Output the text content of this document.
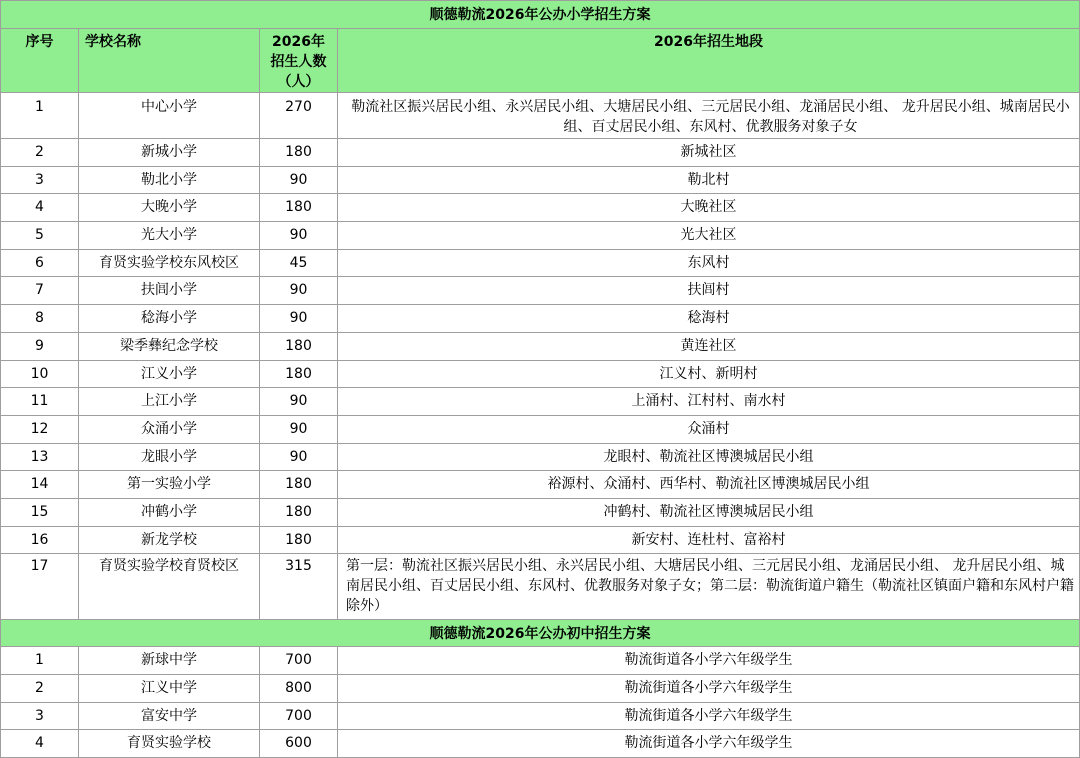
顺德勒流2026年公办小学招生方案			
序号	学校名称	2026年招生人数（人）	2026年招生地段
1	中心小学	270	勒流社区振兴居民小组、永兴居民小组、大塘居民小组、三元居民小组、龙涌居民小组、 龙升居民小组、城南居民小组、百丈居民小组、东风村、优教服务对象子女
2	新城小学	180	新城社区
3	勒北小学	90	勒北村
4	大晚小学	180	大晚社区
5	光大小学	90	光大社区
6	育贤实验学校东风校区	45	东风村
7	扶闾小学	90	扶闾村
8	稔海小学	90	稔海村
9	梁季彝纪念学校	180	黄连社区
10	江义小学	180	江义村、新明村
11	上江小学	90	上涌村、江村村、南水村
12	众涌小学	90	众涌村
13	龙眼小学	90	龙眼村、勒流社区博澳城居民小组
14	第一实验小学	180	裕源村、众涌村、西华村、勒流社区博澳城居民小组
15	冲鹤小学	180	冲鹤村、勒流社区博澳城居民小组
16	新龙学校	180	新安村、连杜村、富裕村
17	育贤实验学校育贤校区	315	第一层：勒流社区振兴居民小组、永兴居民小组、大塘居民小组、三元居民小组、龙涌居民小组、 龙升居民小组、城南居民小组、百丈居民小组、东风村、优教服务对象子女；第二层：勒流街道户籍生（勒流社区镇面户籍和东风村户籍除外）
顺德勒流2026年公办初中招生方案			
1	新球中学	700	勒流街道各小学六年级学生
2	江义中学	800	勒流街道各小学六年级学生
3	富安中学	700	勒流街道各小学六年级学生
4	育贤实验学校	600	勒流街道各小学六年级学生
